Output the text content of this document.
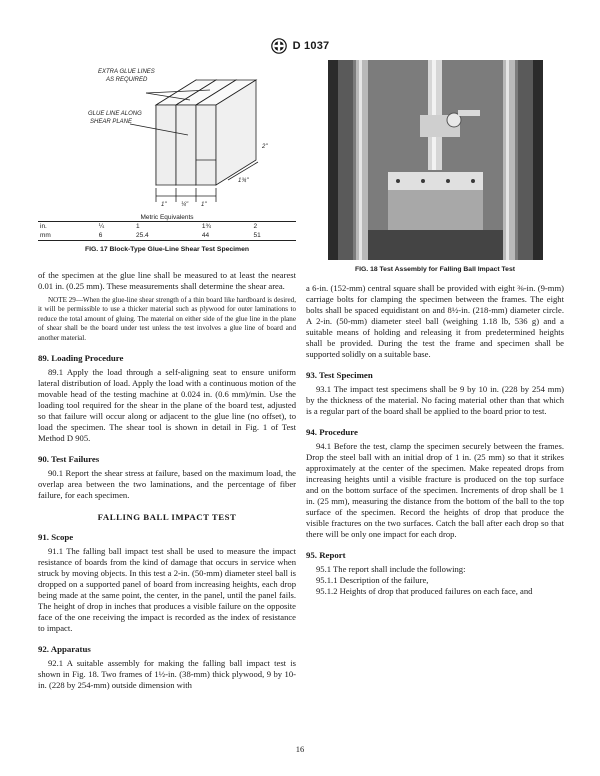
D 1037
EXTRA GLUE LINES
AS REQUIRED
GLUE LINE ALONG
SHEAR PLANE
1" ¼" 1"
1¾"
2"
Metric Equivalents
in.	¼	1	1¾	2
mm	6	25.4	44	51
FIG. 17 Block-Type Glue-Line Shear Test Specimen

of the specimen at the glue line shall be measured to at least the nearest 0.01 in. (0.25 mm). These measurements shall determine the shear area.

NOTE 29—When the glue-line shear strength of a thin board like hardboard is desired, it will be permissible to use a thicker material such as plywood for outer laminations to reduce the total amount of gluing. The material on either side of the glue line in the plane of shear shall be the board under test unless the test involves a glue line of board and another material.

89. Loading Procedure

89.1 Apply the load through a self-aligning seat to ensure uniform lateral distribution of load. Apply the load with a continuous motion of the movable head of the testing machine at 0.024 in. (0.6 mm)/min. Use the loading tool required for the shear in the plane of the board test, adjusted so that failure will occur along or adjacent to the glue line (no offset), to load the specimen. The shear tool is shown in detail in Fig. 1 of Test Method D 905.

90. Test Failures

90.1 Report the shear stress at failure, based on the maximum load, the overlap area between the two laminations, and the percentage of fiber failure, for each specimen.

FALLING BALL IMPACT TEST
91. Scope

91.1 The falling ball impact test shall be used to measure the impact resistance of boards from the kind of damage that occurs in service when struck by moving objects. In this test a 2-in. (50-mm) diameter steel ball is dropped on a supported panel of board from increasing heights, each drop being made at the same point, the center, in the panel, until the panel fails. The height of drop in inches that produces a visible failure on the opposite face of the one receiving the impact is recorded as the index of resistance to impact.

92. Apparatus

92.1 A suitable assembly for making the falling ball impact test is shown in Fig. 18. Two frames of 1½-in. (38-mm) thick plywood, 9 by 10-in. (228 by 254-mm) outside dimension with

FIG. 18 Test Assembly for Falling Ball Impact Test

a 6-in. (152-mm) central square shall be provided with eight ⅜-in. (9-mm) carriage bolts for clamping the specimen between the frames. The eight bolts shall be spaced equidistant on and 8½-in. (218-mm) diameter circle. A 2-in. (50-mm) diameter steel ball (weighing 1.18 lb, 536 g) and a suitable means of holding and releasing it from predetermined heights shall be provided. During the test the frame and specimen shall be supported solidly on a suitable base.

93. Test Specimen

93.1 The impact test specimens shall be 9 by 10 in. (228 by 254 mm) by the thickness of the material. No facing material other than that which is a regular part of the board shall be applied to the board prior to test.

94. Procedure

94.1 Before the test, clamp the specimen securely between the frames. Drop the steel ball with an initial drop of 1 in. (25 mm) so that it strikes approximately at the center of the specimen. Make repeated drops from increasing heights until a visible fracture is produced on the top surface and on the bottom surface of the specimen. Increments of drop shall be 1 in. (25 mm), measuring the distance from the bottom of the ball to the top surface of the specimen. Record the heights of drop that produce the visible fractures on the two surfaces. Catch the ball after each drop so that there will be only one impact for each drop.

95. Report

95.1 The report shall include the following:

95.1.1 Description of the failure,

95.1.2 Heights of drop that produced failures on each face, and

16
